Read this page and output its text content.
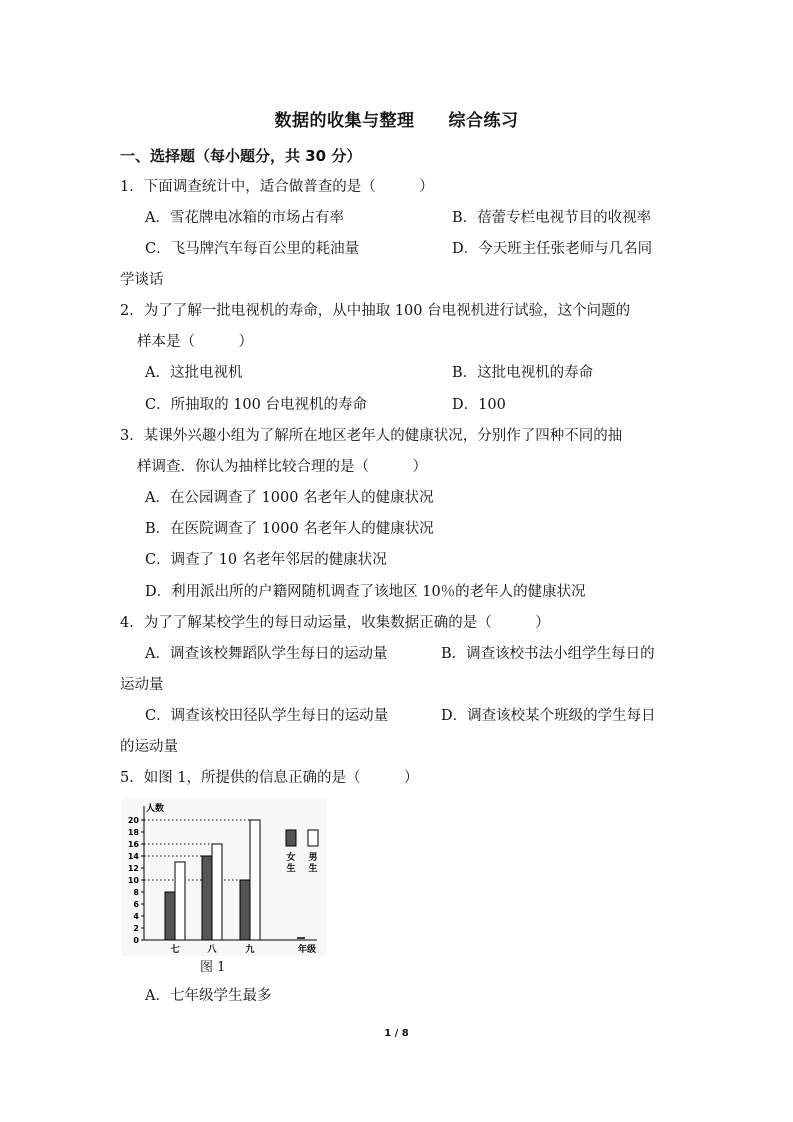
数据的收集与整理 综合练习
一、选择题（每小题分，共 30 分）
1．下面调查统计中，适合做普查的是（　　　）
A．雪花牌电冰箱的市场占有率	B．蓓蕾专栏电视节目的收视率
C．飞马牌汽车每百公里的耗油量	D．今天班主任张老师与几名同
学谈话
2．为了了解一批电视机的寿命，从中抽取 100 台电视机进行试验，这个问题的
样本是（　　　）
A．这批电视机	B．这批电视机的寿命
C．所抽取的 100 台电视机的寿命	D．100
3．某课外兴趣小组为了解所在地区老年人的健康状况，分别作了四种不同的抽
样调查．你认为抽样比较合理的是（　　　）
A．在公园调查了 1000 名老年人的健康状况
B．在医院调查了 1000 名老年人的健康状况
C．调查了 10 名老年邻居的健康状况
D．利用派出所的户籍网随机调查了该地区 10％的老年人的健康状况
4．为了了解某校学生的每日动运量，收集数据正确的是（　　　）
A．调查该校舞蹈队学生每日的运动量	B．调查该校书法小组学生每日的
运动量
C．调查该校田径队学生每日的运动量	D．调查该校某个班级的学生每日
的运动量
5．如图 1，所提供的信息正确的是（　　　）
人数
0
2
4
6
8
10
12
14
16
18
20
七	八	九	年级
女
生
男
生
图 1
A．七年级学生最多
1 / 8
